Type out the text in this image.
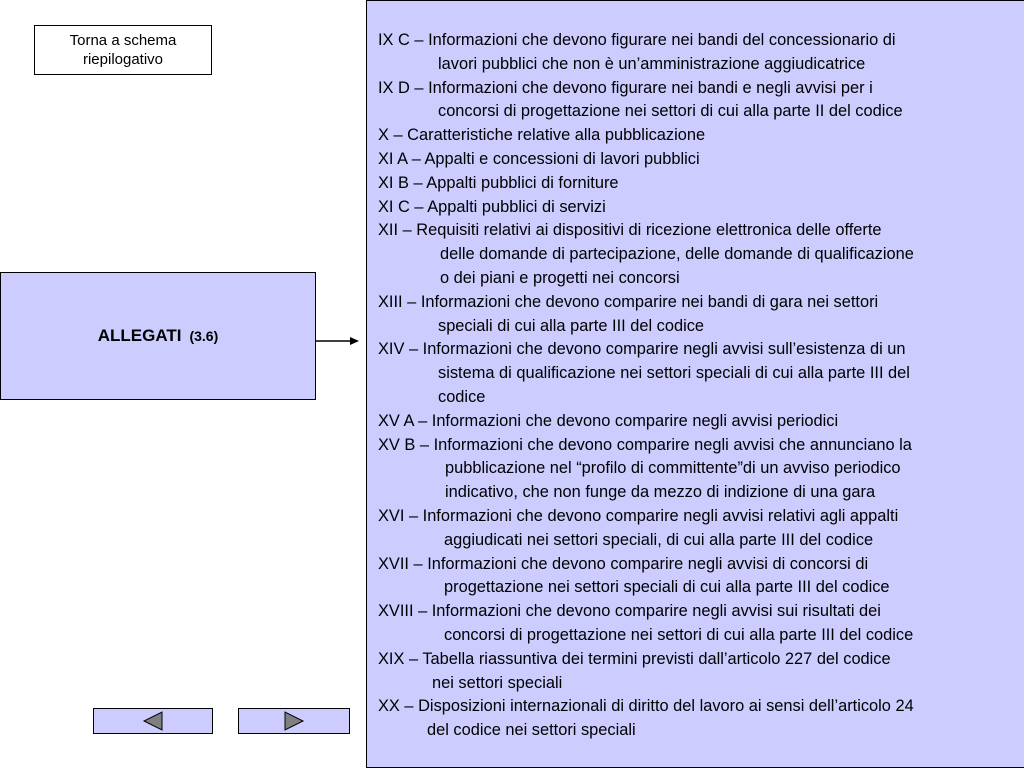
Torna a schema
riepilogativo
ALLEGATI (3.6)
IX C – Informazioni che devono figurare nei bandi del concessionario di
lavori pubblici che non è un’amministrazione aggiudicatrice
IX D – Informazioni che devono figurare nei bandi e negli avvisi per i
concorsi di progettazione nei settori di cui alla parte II del codice
X – Caratteristiche relative alla pubblicazione
XI A – Appalti e concessioni di lavori pubblici
XI B – Appalti pubblici di forniture
XI C – Appalti pubblici di servizi
XII – Requisiti relativi ai dispositivi di ricezione elettronica delle offerte
delle domande di partecipazione, delle domande di qualificazione
o dei piani e progetti nei concorsi
XIII – Informazioni che devono comparire nei bandi di gara nei settori
speciali di cui alla parte III del codice
XIV – Informazioni che devono comparire negli avvisi sull’esistenza di un
sistema di qualificazione nei settori speciali di cui alla parte III del
codice
XV A – Informazioni che devono comparire negli avvisi periodici
XV B – Informazioni che devono comparire negli avvisi che annunciano la
pubblicazione nel “profilo di committente”di un avviso periodico
indicativo, che non funge da mezzo di indizione di una gara
XVI – Informazioni che devono comparire negli avvisi relativi agli appalti
aggiudicati nei settori speciali, di cui alla parte III del codice
XVII – Informazioni che devono comparire negli avvisi di concorsi di
progettazione nei settori speciali di cui alla parte III del codice
XVIII – Informazioni che devono comparire negli avvisi sui risultati dei
concorsi di progettazione nei settori di cui alla parte III del codice
XIX – Tabella riassuntiva dei termini previsti dall’articolo 227 del codice
nei settori speciali
XX – Disposizioni internazionali di diritto del lavoro ai sensi dell’articolo 24
del codice nei settori speciali
